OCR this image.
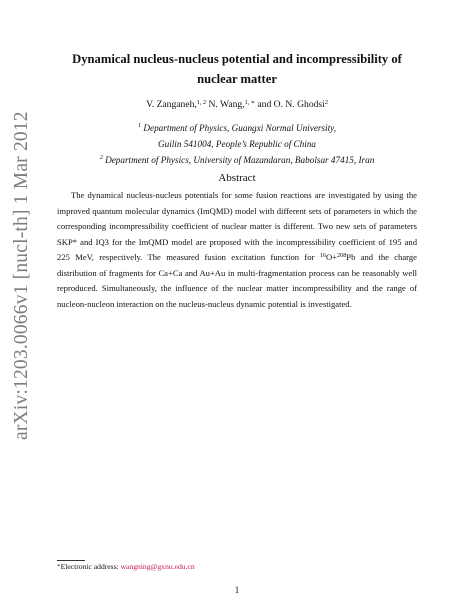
arXiv:1203.0066v1 [nucl-th] 1 Mar 2012
Dynamical nucleus-nucleus potential and incompressibility of
nuclear matter
V. Zanganeh,$^{1, 2}$ N. Wang,$^{1, ∗}$ and O. N. Ghodsi$^2$
$^1$ Department of Physics, Guangxi Normal University,
Guilin 541004, People’s Republic of China
$^2$ Department of Physics, University of Mazandaran, Babolsar 47415, Iran
Abstract
The dynamical nucleus-nucleus potentials for some fusion reactions are investigated by using the improved quantum molecular dynamics (ImQMD) model with different sets of parameters in which the corresponding incompressibility coefficient of nuclear matter is different. Two new sets of parameters SKP* and IQ3 for the ImQMD model are proposed with the incompressibility coefficient of 195 and 225 MeV, respectively. The measured fusion excitation function for $^{16}$O+$^{208}$Pb and the charge distribution of fragments for Ca+Ca and Au+Au in multi-fragmentation process can be reasonably well reproduced. Simultaneously, the influence of the nuclear matter incompressibility and the range of nucleon-nucleon interaction on the nucleus-nucleus dynamic potential is investigated.
∗Electronic address: wangning@gxnu.edu.cn
1
